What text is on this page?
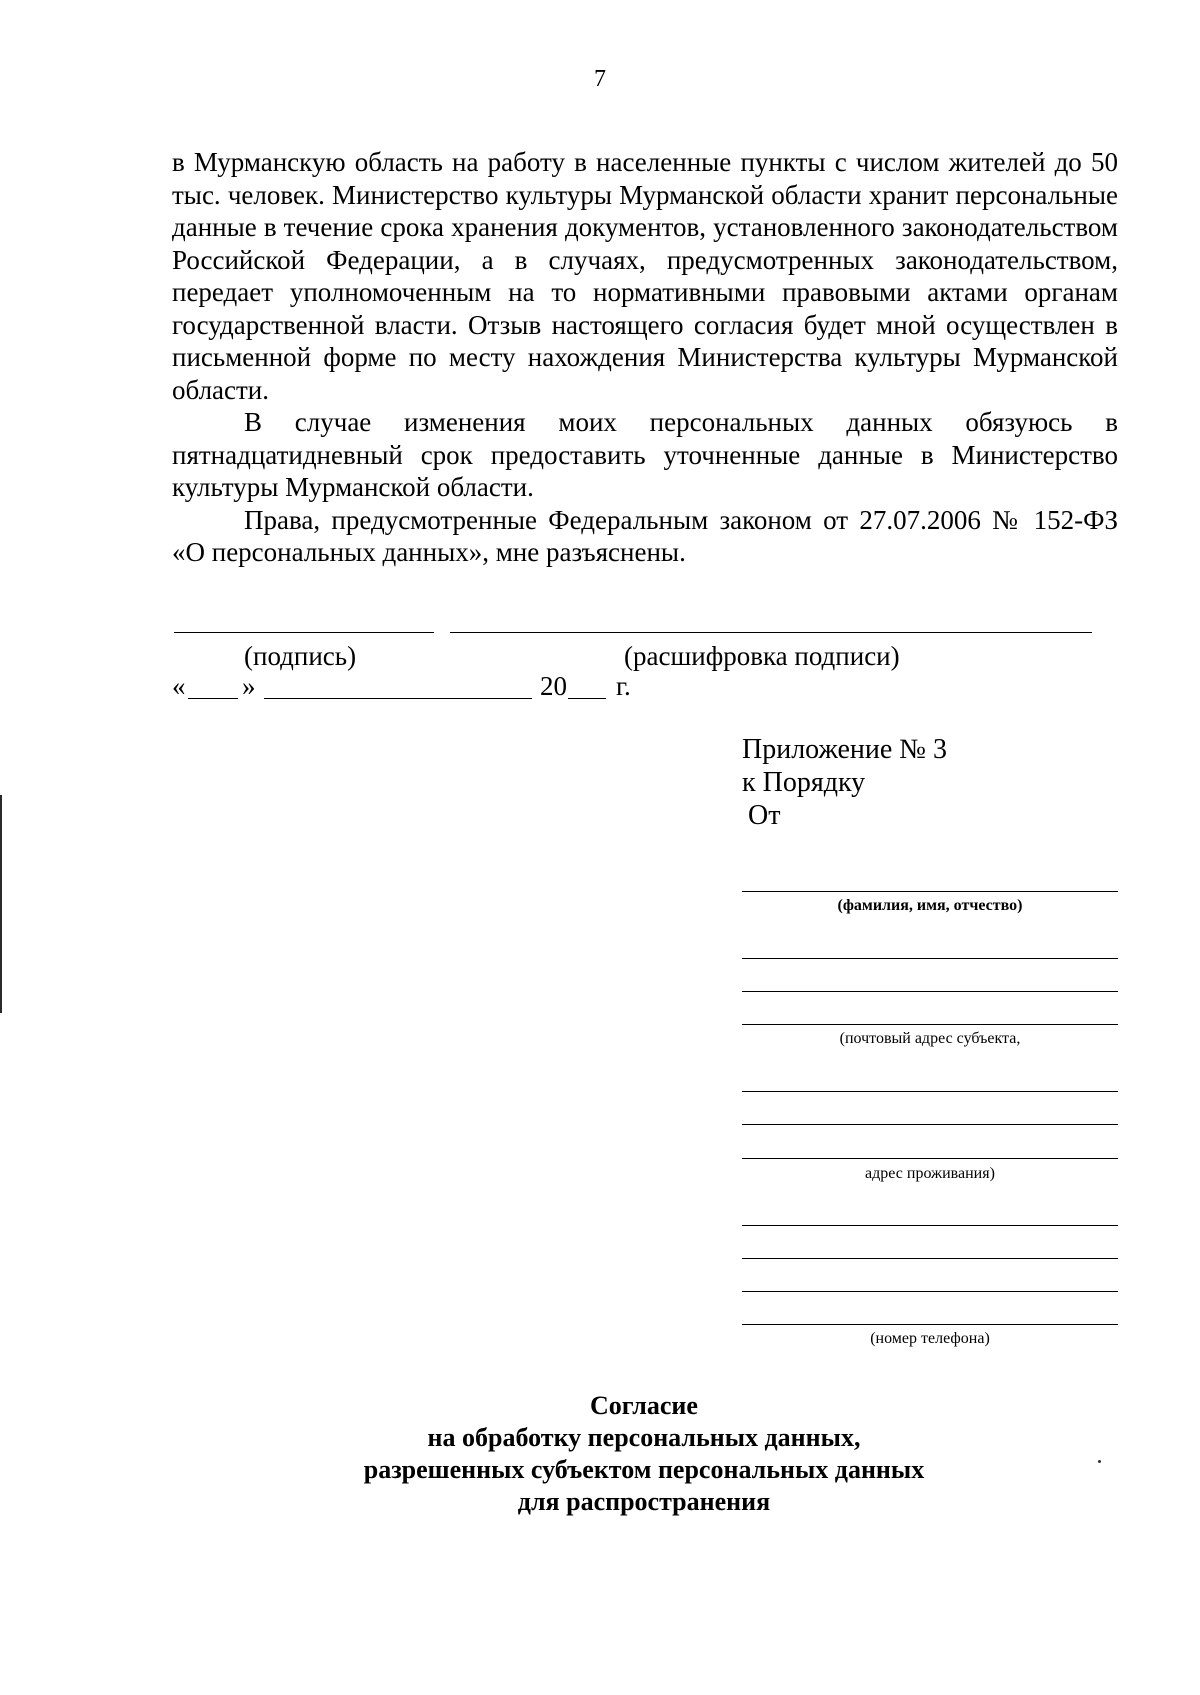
7

в Мурманскую область на работу в населенные пункты с числом жителей до 50 тыс. человек. Министерство культуры Мурманской области хранит персональные данные в течение срока хранения документов, установленного законодательством Российской Федерации, а в случаях, предусмотренных законодательством, передает уполномоченным на то нормативными правовыми актами органам государственной власти. Отзыв настоящего согласия будет мной осуществлен в письменной форме по месту нахождения Министерства культуры Мурманской области.

В случае изменения моих персональных данных обязуюсь в пятнадцатидневный срок предоставить уточненные данные в Министерство культуры Мурманской области.

Права, предусмотренные Федеральным законом от 27.07.2006 № 152-ФЗ «О персональных данных», мне разъяснены.

(подпись)	(расшифровка подписи)
« »	20 г.
Приложение № 3
к Порядку
От
(фамилия, имя, отчество)
(почтовый адрес субъекта,
адрес проживания)
(номер телефона)
Согласие
на обработку персональных данных,
разрешенных субъектом персональных данных
для распространения
